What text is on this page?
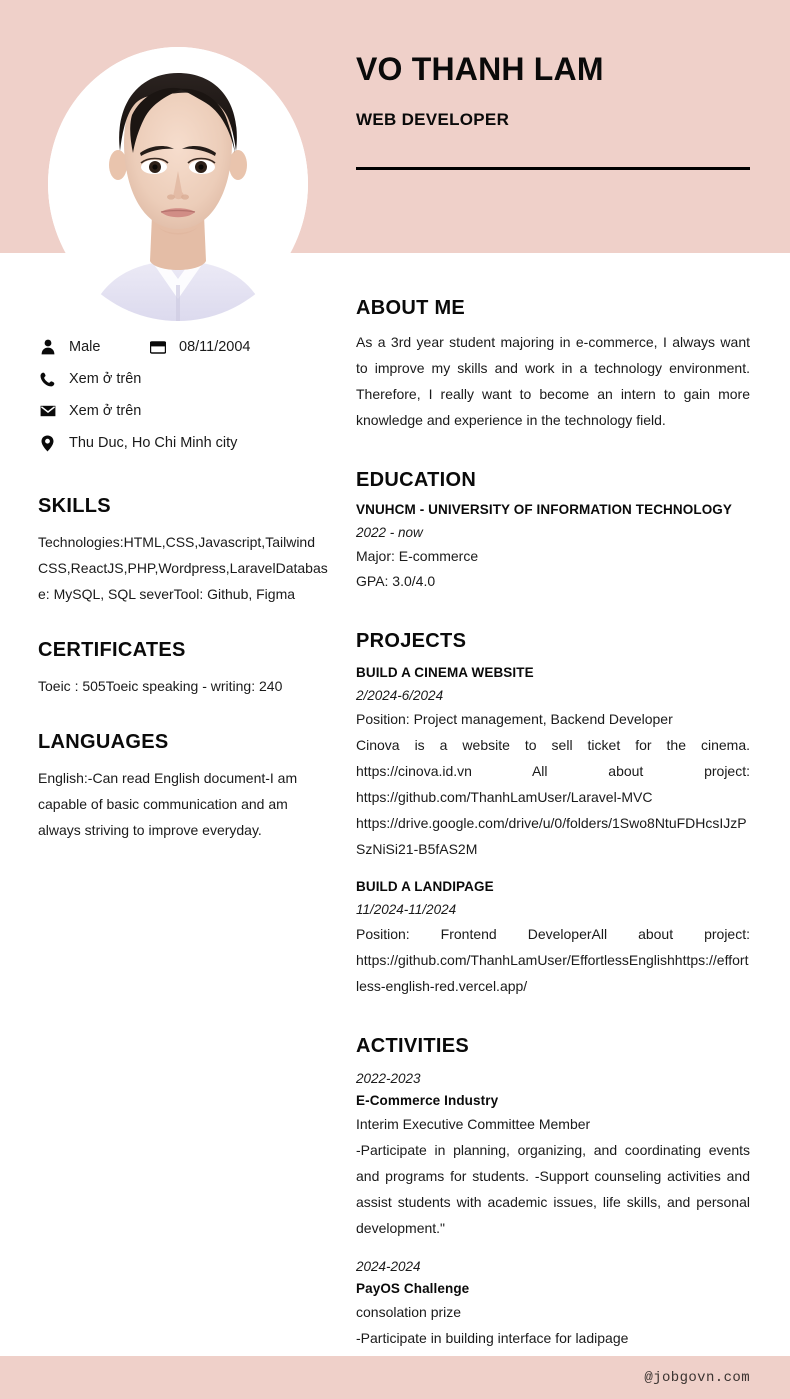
VO THANH LAM
WEB DEVELOPER
Male	08/11/2004
Xem ở trên
Xem ở trên
Thu Duc, Ho Chi Minh city
SKILLS
Technologies:HTML,CSS,Javascript,Tailwind CSS,ReactJS,PHP,Wordpress,LaravelDatabase: MySQL, SQL severTool: Github, Figma
CERTIFICATES
Toeic : 505Toeic speaking - writing: 240
LANGUAGES
English:-Can read English document-I am capable of basic communication and am always striving to improve everyday.
ABOUT ME
As a 3rd year student majoring in e-commerce, I always want to improve my skills and work in a technology environment. Therefore, I really want to become an intern to gain more knowledge and experience in the technology field.
EDUCATION
VNUHCM - UNIVERSITY OF INFORMATION TECHNOLOGY
2022 - now
Major: E-commerce
GPA: 3.0/4.0
PROJECTS
BUILD A CINEMA WEBSITE
2/2024-6/2024
Position: Project management, Backend Developer
Cinova is a website to sell ticket for the cinema. https://cinova.id.vn All about project: https://github.com/ThanhLamUser/Laravel-MVC https://drive.google.com/drive/u/0/folders/1Swo8NtuFDHcsIJzPSzNiSi21-B5fAS2M
BUILD A LANDIPAGE
11/2024-11/2024
Position: Frontend DeveloperAll about project: https://github.com/ThanhLamUser/EffortlessEnglishhttps://effortless-english-red.vercel.app/
ACTIVITIES
2022-2023
E-Commerce Industry
Interim Executive Committee Member
-Participate in planning, organizing, and coordinating events and programs for students. -Support counseling activities and assist students with academic issues, life skills, and personal development."
2024-2024
PayOS Challenge
consolation prize
-Participate in building interface for ladipage
@jobgovn.com
